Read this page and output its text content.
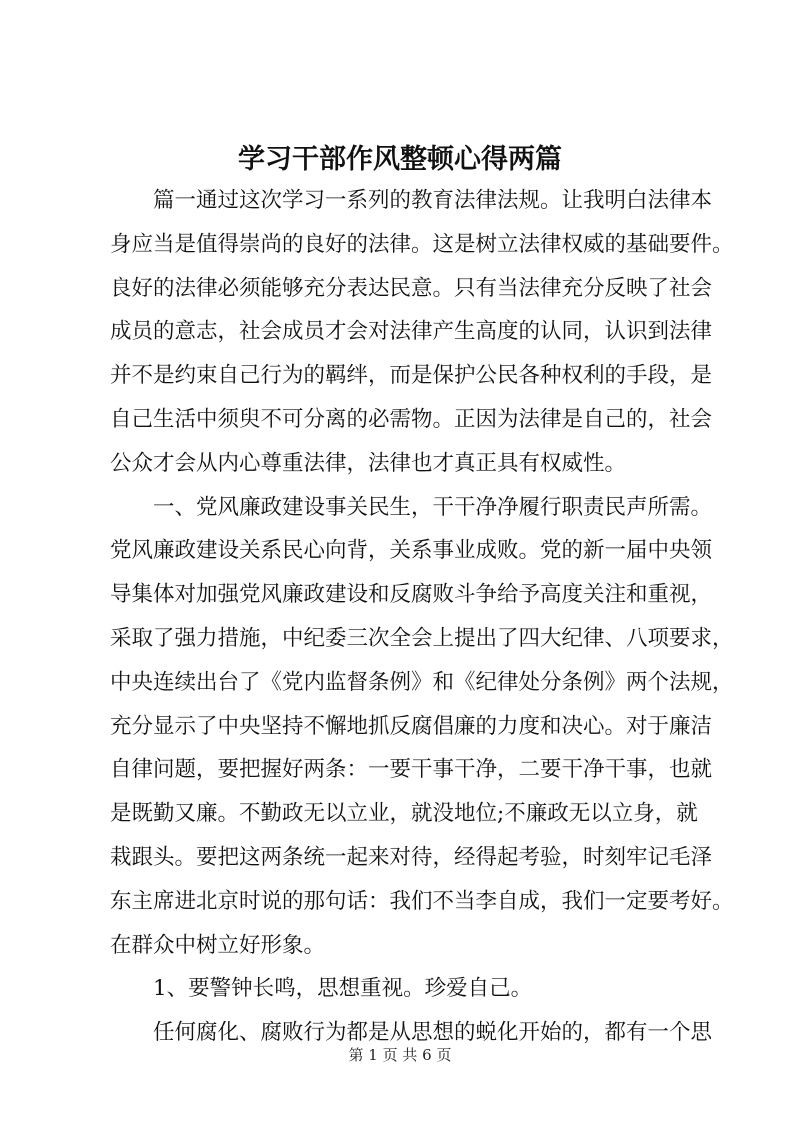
学习干部作风整顿心得两篇
篇一通过这次学习一系列的教育法律法规。让我明白法律本
身应当是值得崇尚的良好的法律。这是树立法律权威的基础要件。
良好的法律必须能够充分表达民意。只有当法律充分反映了社会
成员的意志，社会成员才会对法律产生高度的认同，认识到法律
并不是约束自己行为的羁绊，而是保护公民各种权利的手段，是
自己生活中须臾不可分离的必需物。正因为法律是自己的，社会
公众才会从内心尊重法律，法律也才真正具有权威性。
一、党风廉政建设事关民生，干干净净履行职责民声所需。
党风廉政建设关系民心向背，关系事业成败。党的新一届中央领
导集体对加强党风廉政建设和反腐败斗争给予高度关注和重视，
采取了强力措施，中纪委三次全会上提出了四大纪律、八项要求，
中央连续出台了《党内监督条例》和《纪律处分条例》两个法规，
充分显示了中央坚持不懈地抓反腐倡廉的力度和决心。对于廉洁
自律问题，要把握好两条：一要干事干净，二要干净干事，也就
是既勤又廉。不勤政无以立业，就没地位;不廉政无以立身，就
栽跟头。要把这两条统一起来对待，经得起考验，时刻牢记毛泽
东主席进北京时说的那句话：我们不当李自成，我们一定要考好。
在群众中树立好形象。
1、要警钟长鸣，思想重视。珍爱自己。
任何腐化、腐败行为都是从思想的蜕化开始的，都有一个思
第 1 页 共 6 页
